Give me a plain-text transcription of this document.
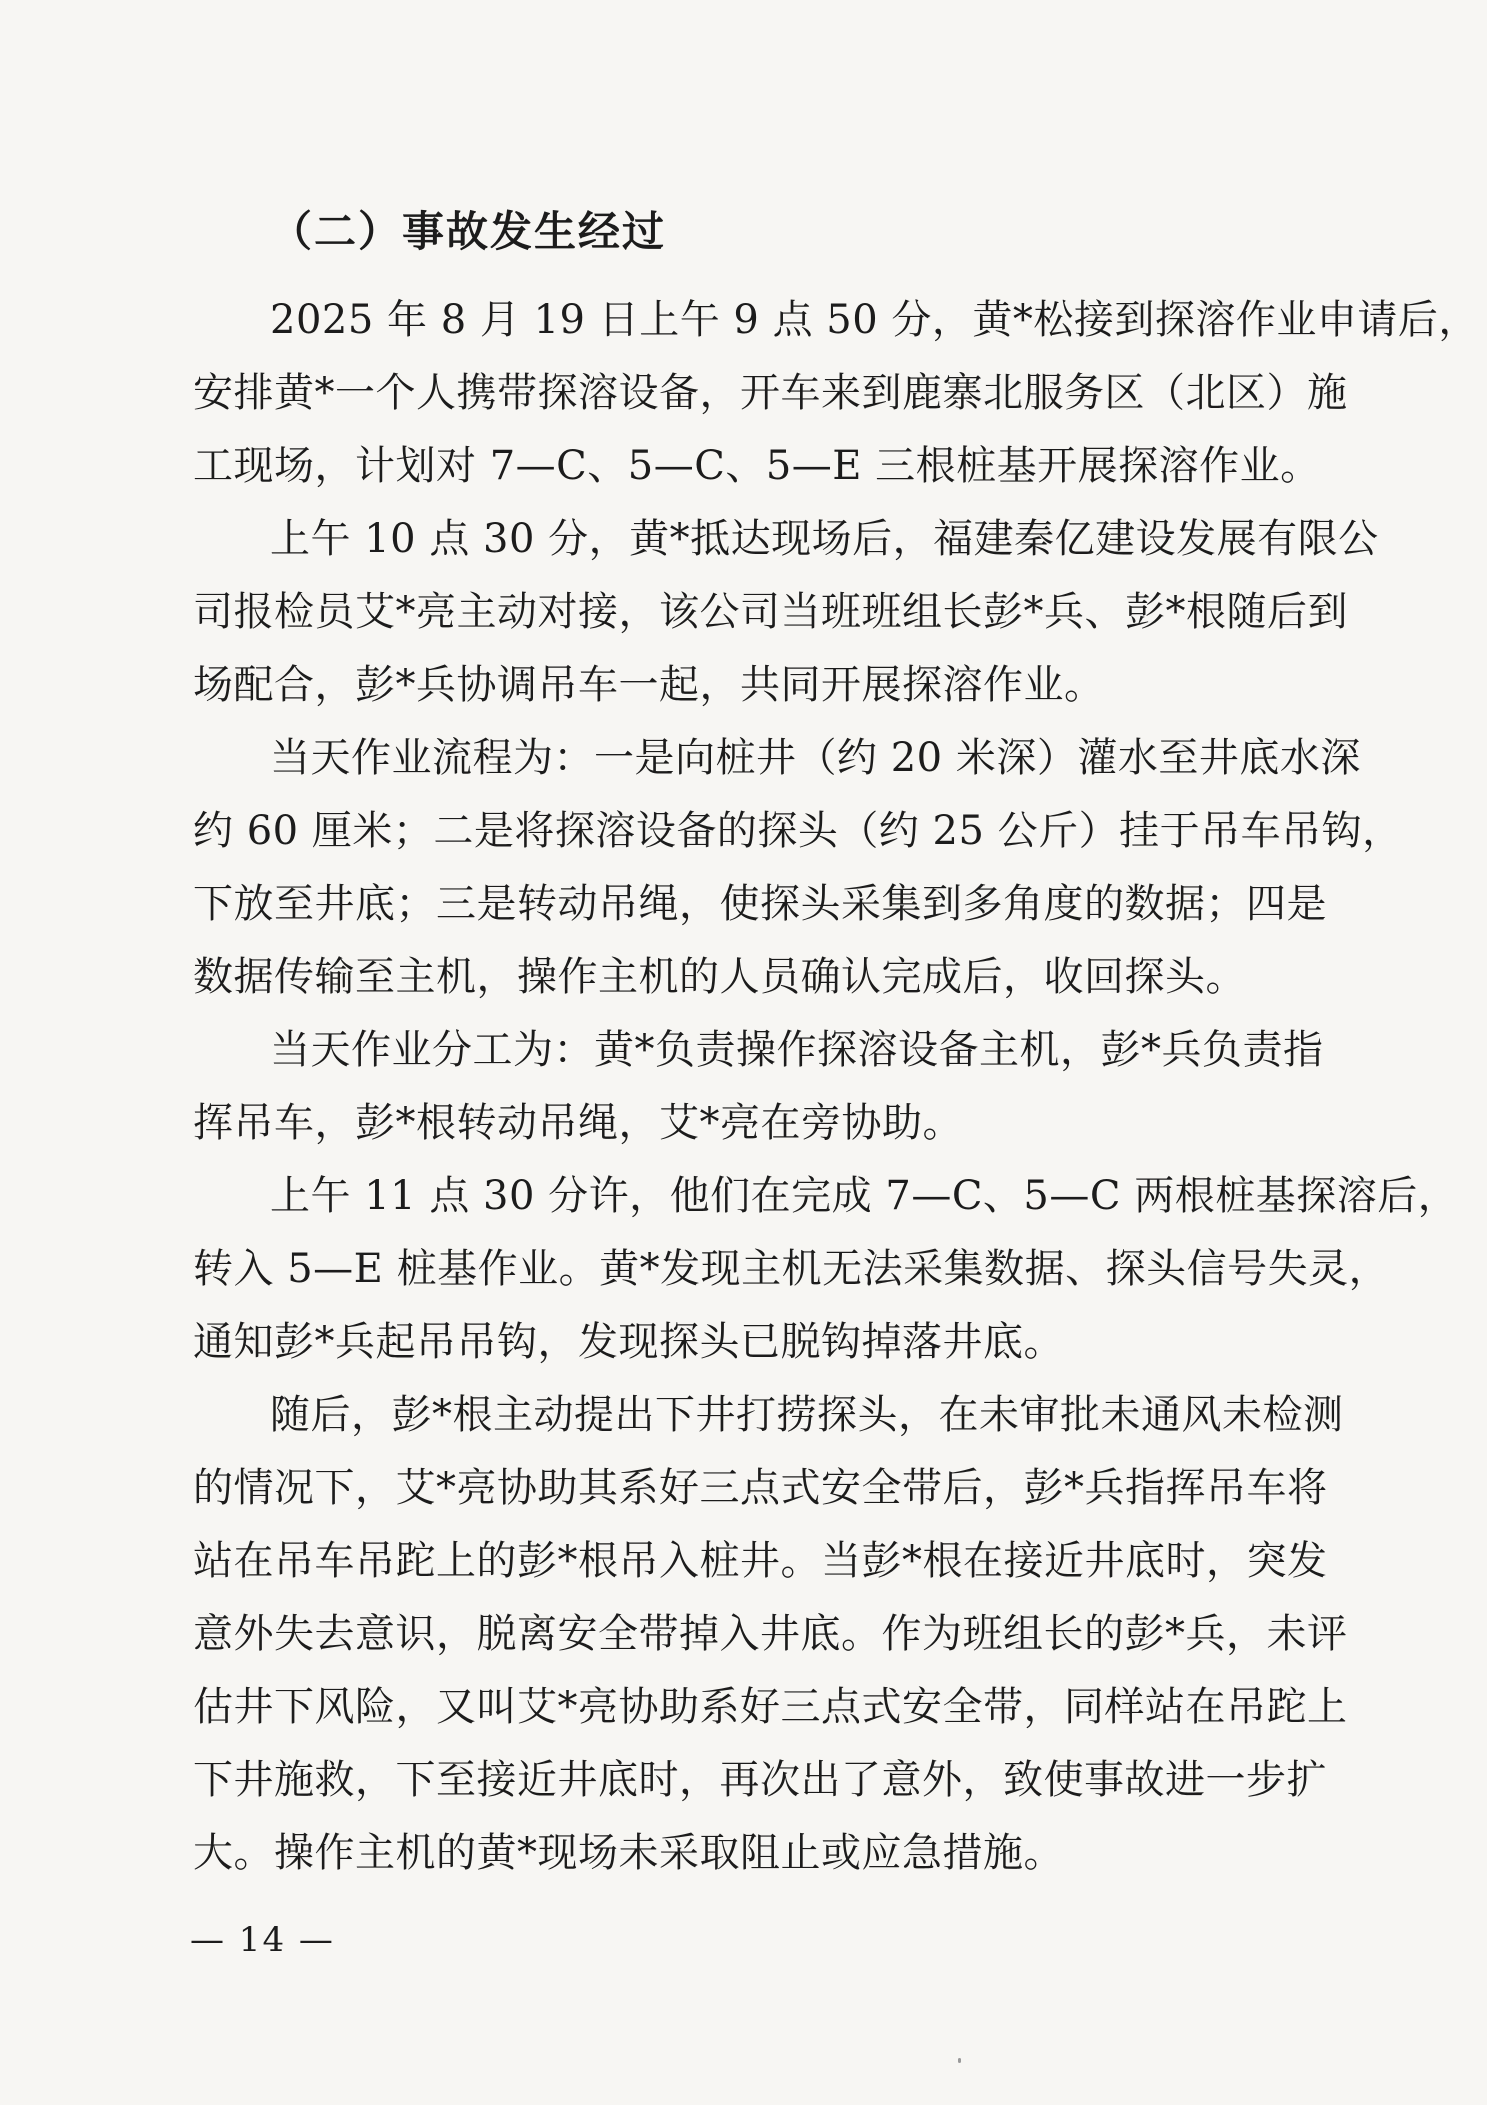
（二）事故发生经过
2025 年 8 月 19 日上午 9 点 50 分，黄*松接到探溶作业申请后，
安排黄*一个人携带探溶设备，开车来到鹿寨北服务区（北区）施
工现场，计划对 7—C、5—C、5—E 三根桩基开展探溶作业。
上午 10 点 30 分，黄*抵达现场后，福建秦亿建设发展有限公
司报检员艾*亮主动对接，该公司当班班组长彭*兵、彭*根随后到
场配合，彭*兵协调吊车一起，共同开展探溶作业。
当天作业流程为：一是向桩井（约 20 米深）灌水至井底水深
约 60 厘米；二是将探溶设备的探头（约 25 公斤）挂于吊车吊钩，
下放至井底；三是转动吊绳，使探头采集到多角度的数据；四是
数据传输至主机，操作主机的人员确认完成后，收回探头。
当天作业分工为：黄*负责操作探溶设备主机，彭*兵负责指
挥吊车，彭*根转动吊绳，艾*亮在旁协助。
上午 11 点 30 分许，他们在完成 7—C、5—C 两根桩基探溶后，
转入 5—E 桩基作业。黄*发现主机无法采集数据、探头信号失灵，
通知彭*兵起吊吊钩，发现探头已脱钩掉落井底。
随后，彭*根主动提出下井打捞探头，在未审批未通风未检测
的情况下，艾*亮协助其系好三点式安全带后，彭*兵指挥吊车将
站在吊车吊跎上的彭*根吊入桩井。当彭*根在接近井底时，突发
意外失去意识，脱离安全带掉入井底。作为班组长的彭*兵，未评
估井下风险，又叫艾*亮协助系好三点式安全带，同样站在吊跎上
下井施救，下至接近井底时，再次出了意外，致使事故进一步扩
大。操作主机的黄*现场未采取阻止或应急措施。
— 14 —
